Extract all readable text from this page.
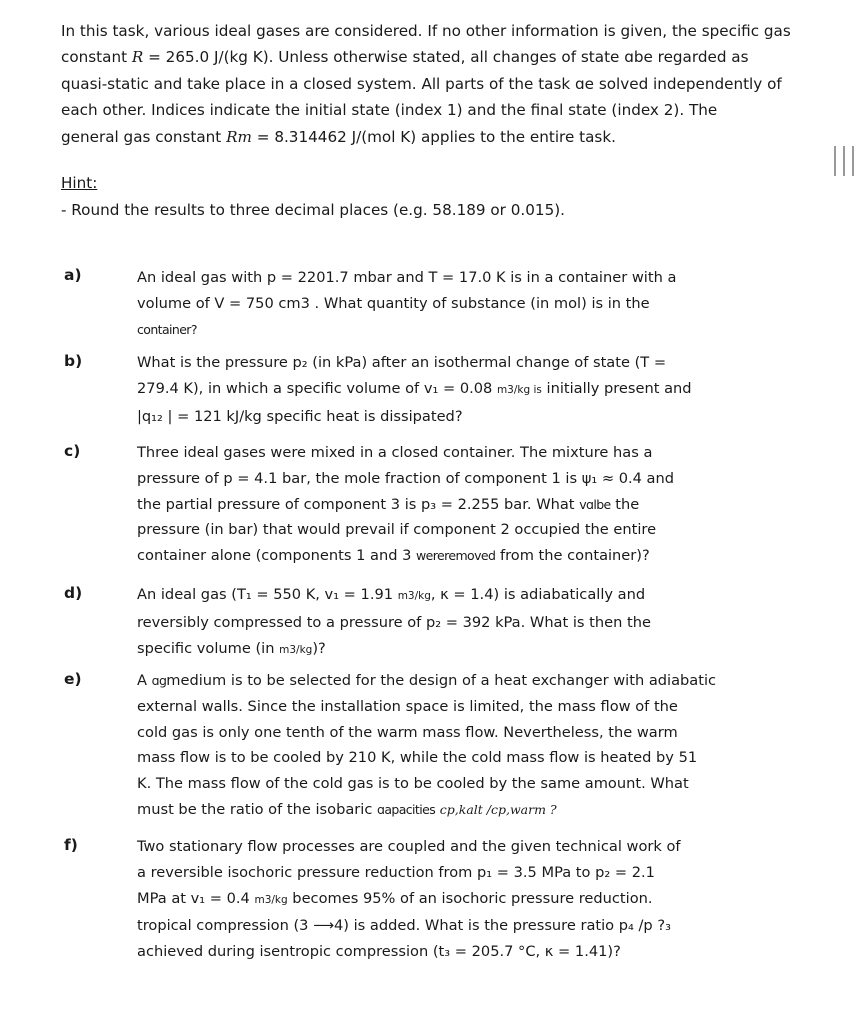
In this task, various ideal gases are considered. If no other information is given, the specific gas

constant R = 265.0 J/(kg K). Unless otherwise stated, all changes of state ɑbe regarded as

quasi-static and take place in a closed system. All parts of the task ɑe solved independently of

each other. Indices indicate the initial state (index 1) and the final state (index 2). The

general gas constant Rm = 8.314462 J/(mol K) applies to the entire task.

Hint:
- Round the results to three decimal places (e.g. 58.189 or 0.015).
a)	An ideal gas with p = 2201.7 mbar and T = 17.0 K is in a container with a

volume of V = 750 cm3 . What quantity of substance (in mol) is in the

container?

b)	What is the pressure p₂ (in kPa) after an isothermal change of state (T =

279.4 K), in which a specific volume of v₁ = 0.08 m3/kg is initially present and

|q₁₂ | = 121 kJ/kg specific heat is dissipated?

c)	Three ideal gases were mixed in a closed container. The mixture has a

pressure of p = 4.1 bar, the mole fraction of component 1 is ψ₁ ≈ 0.4 and

the partial pressure of component 3 is p₃ = 2.255 bar. What vɑlbe the

pressure (in bar) that would prevail if component 2 occupied the entire

container alone (components 1 and 3 wereremoved from the container)?

d)	An ideal gas (T₁ = 550 K, v₁ = 1.91 m3/kg, κ = 1.4) is adiabatically and

reversibly compressed to a pressure of p₂ = 392 kPa. What is then the

specific volume (in m3/kg)?

e)	A ɑgmedium is to be selected for the design of a heat exchanger with adiabatic

external walls. Since the installation space is limited, the mass flow of the

cold gas is only one tenth of the warm mass flow. Nevertheless, the warm

mass flow is to be cooled by 210 K, while the cold mass flow is heated by 51

K. The mass flow of the cold gas is to be cooled by the same amount. What

must be the ratio of the isobaric ɑapacities cp,kalt /cp,warm ?

f)	Two stationary flow processes are coupled and the given technical work of

a reversible isochoric pressure reduction from p₁ = 3.5 MPa to p₂ = 2.1

MPa at v₁ = 0.4 m3/kg becomes 95% of an isochoric pressure reduction.

tropical compression (3 ⟶4) is added. What is the pressure ratio p₄ /p ?₃

achieved during isentropic compression (t₃ = 205.7 °C, κ = 1.41)?
